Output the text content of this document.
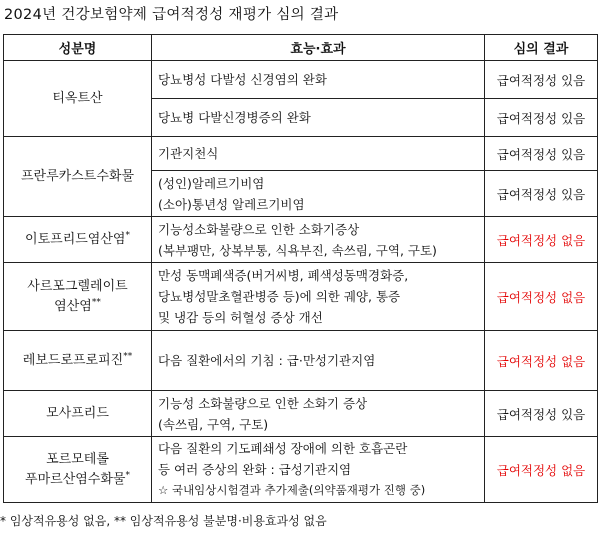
2024년 건강보험약제 급여적정성 재평가 심의 결과
성분명	효능·효과	심의 결과
티옥트산	당뇨병성 다발성 신경염의 완화	급여적정성 있음

	당뇨병 다발신경병증의 완화	급여적정성 있음
프란루카스트수화물	기관지천식	급여적정성 있음

	(성인)알레르기비염
(소아)통년성 알레르기비염	급여적정성 있음
이토프리드염산염*	기능성소화불량으로 인한 소화기증상
(복부팽만, 상복부통, 식욕부진, 속쓰림, 구역, 구토)	급여적정성 없음
사르포그렐레이트
염산염**	만성 동맥폐색증(버거씨병, 폐색성동맥경화증,
당뇨병성말초혈관병증 등)에 의한 궤양, 통증
및 냉감 등의 허혈성 증상 개선	급여적정성 없음
레보드로프로피진**	다음 질환에서의 기침 : 급·만성기관지염	급여적정성 없음
모사프리드	기능성 소화불량으로 인한 소화기 증상
(속쓰림, 구역, 구토)	급여적정성 있음
포르모테롤
푸마르산염수화물*	다음 질환의 기도폐쇄성 장애에 의한 호흡곤란
등 여러 증상의 완화 : 급성기관지염
☆ 국내임상시험결과 추가제출(의약품재평가 진행 중)	급여적정성 없음
* 임상적유용성 없음, ** 임상적유용성 불분명·비용효과성 없음
